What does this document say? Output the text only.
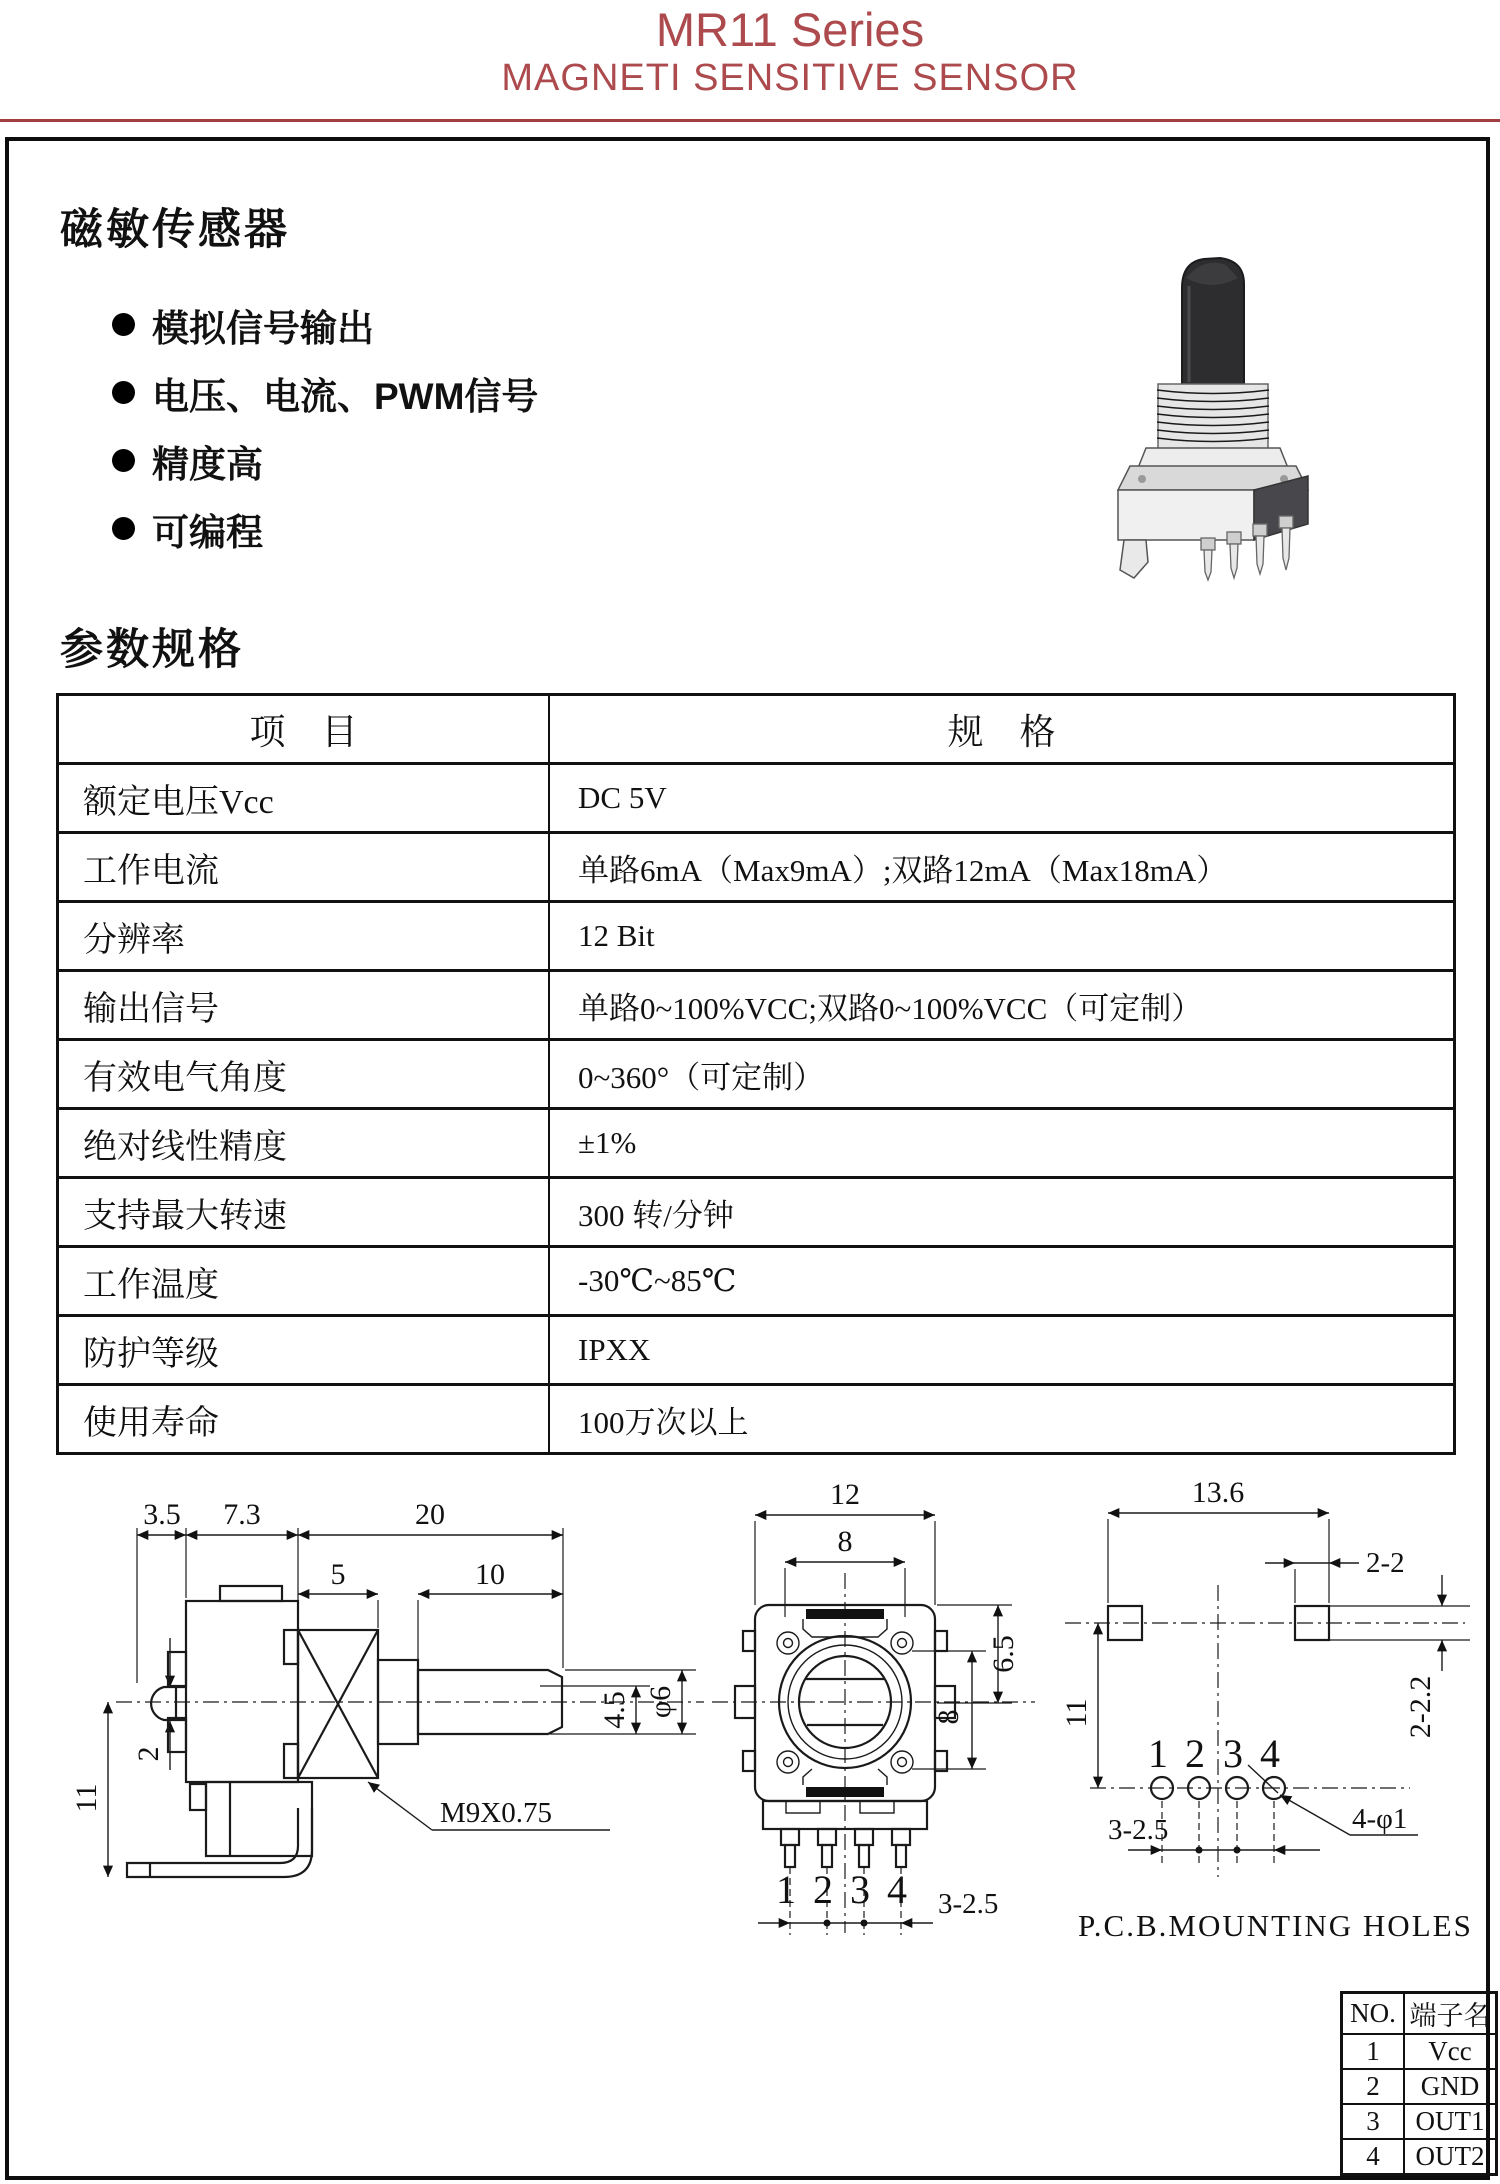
MR11 Series
MAGNETI SENSITIVE SENSOR
磁敏传感器
模拟信号输出
电压、电流、PWM信号
精度高
可编程
参数规格
项　目	规　格
额定电压Vcc	DC 5V
工作电流	单路6mA（Max9mA）;双路12mA（Max18mA）
分辨率	12 Bit
输出信号	单路0~100%VCC;双路0~100%VCC（可定制）
有效电气角度	0~360°（可定制）
绝对线性精度	±1%
支持最大转速	300 转/分钟
工作温度	-30℃~85℃
防护等级	IPXX
使用寿命	100万次以上
3.5 7.3	20
5	10
11
2
4.5 φ6
M9X0.75
12
8
6.5
8
1 2 3 4 3-2.5
13.6
2-2
11	2-2.2
1 2 3 4
3-2.5	4-φ1
P.C.B.MOUNTING HOLES
NO.	端子名
1	Vcc
2	GND
3	OUT1
4	OUT2
